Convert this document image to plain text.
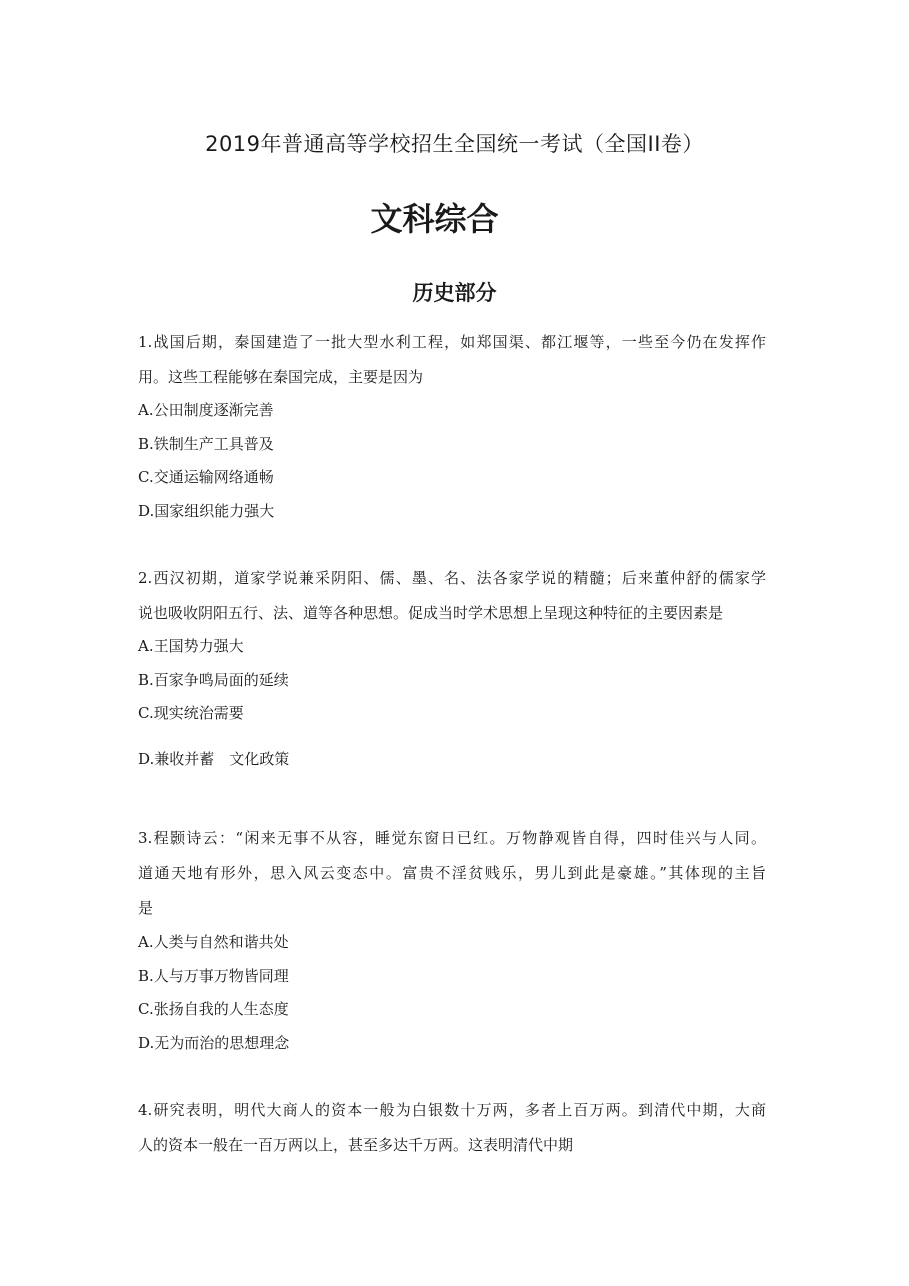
2019年普通高等学校招生全国统一考试（全国II卷）
文科综合
历史部分
1.战国后期，秦国建造了一批大型水利工程，如郑国渠、都江堰等，一些至今仍在发挥作
用。这些工程能够在秦国完成，主要是因为
A.公田制度逐渐完善
B.铁制生产工具普及
C.交通运输网络通畅
D.国家组织能力强大
2.西汉初期，道家学说兼采阴阳、儒、墨、名、法各家学说的精髓；后来董仲舒的儒家学
说也吸收阴阳五行、法、道等各种思想。促成当时学术思想上呈现这种特征的主要因素是
A.王国势力强大
B.百家争鸣局面的延续
C.现实统治需要
D.兼收并蓄　文化政策
3.程颢诗云：“闲来无事不从容，睡觉东窗日已红。万物静观皆自得，四时佳兴与人同。
道通天地有形外，思入风云变态中。富贵不淫贫贱乐，男儿到此是豪雄。”其体现的主旨
是
A.人类与自然和谐共处
B.人与万事万物皆同理
C.张扬自我的人生态度
D.无为而治的思想理念
4.研究表明，明代大商人的资本一般为白银数十万两，多者上百万两。到清代中期，大商
人的资本一般在一百万两以上，甚至多达千万两。这表明清代中期
